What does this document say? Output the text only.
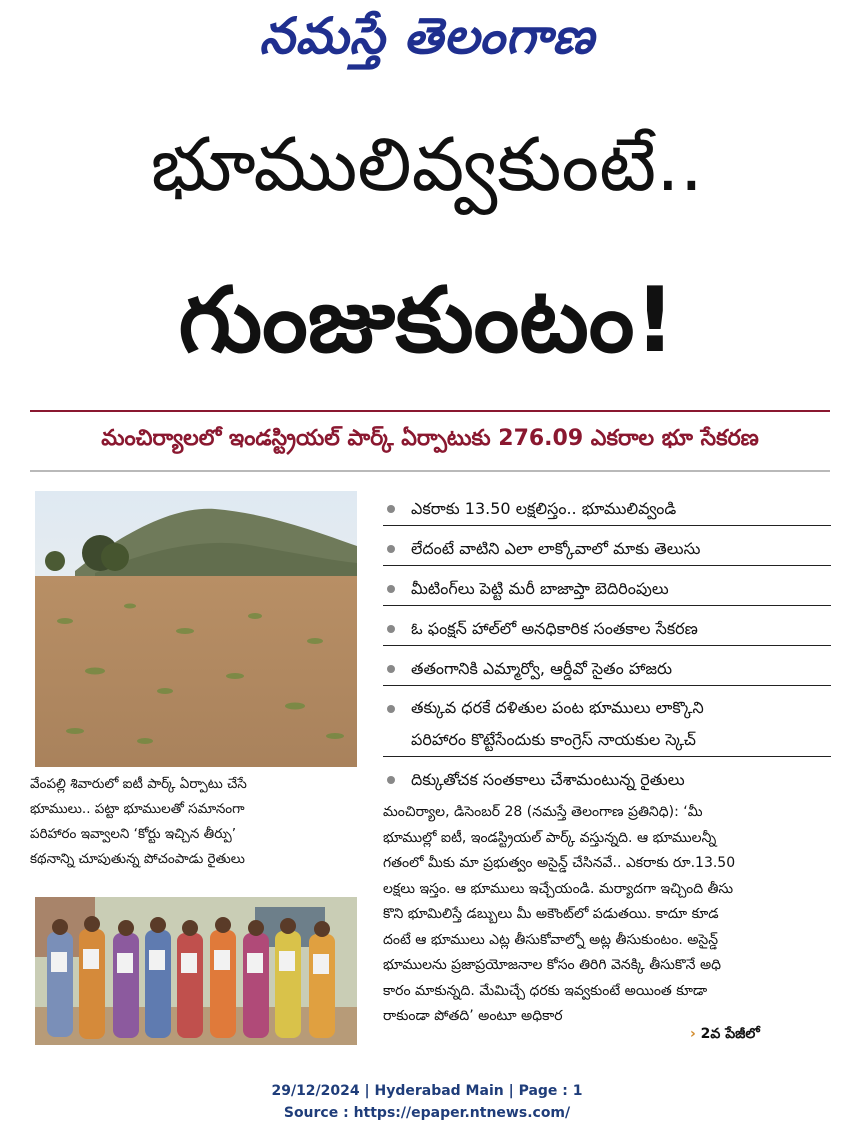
నమస్తే తెలంగాణ
భూములివ్వకుంటే..
గుంజుకుంటం!
మంచిర్యాలలో ఇండస్ట్రియల్ పార్క్ ఏర్పాటుకు 276.09 ఎకరాల భూ సేకరణ
వేంపల్లి శివారులో ఐటీ పార్క్ ఏర్పాటు చేసే
భూములు.. పట్టా భూములతో సమానంగా
పరిహారం ఇవ్వాలని ‘కోర్టు ఇచ్చిన తీర్పు’
కథనాన్ని చూపుతున్న పోచంపాడు రైతులు
ఎకరాకు 13.50 లక్షలిస్తం.. భూములివ్వండి
లేదంటే వాటిని ఎలా లాక్కోవాలో మాకు తెలుసు
మీటింగ్‌లు పెట్టి మరీ బాజాప్తా బెదిరింపులు
ఓ ఫంక్షన్ హాల్‌లో అనధికారిక సంతకాల సేకరణ
తతంగానికి ఎమ్మార్వో, ఆర్డీవో సైతం హాజరు
తక్కువ ధరకే దళితుల పంట భూములు లాక్కొని
పరిహారం కొట్టేసేందుకు కాంగ్రెస్ నాయకుల స్కెచ్
దిక్కుతోచక సంతకాలు చేశామంటున్న రైతులు
మంచిర్యాల, డిసెంబర్ 28 (నమస్తే తెలంగాణ ప్రతినిధి): ‘మీ
భూముల్లో ఐటీ, ఇండస్ట్రియల్ పార్క్ వస్తున్నది. ఆ భూములన్నీ
గతంలో మీకు మా ప్రభుత్వం అసైన్డ్ చేసినవే.. ఎకరాకు రూ.13.50
లక్షలు ఇస్తం. ఆ భూములు ఇచ్చేయండి. మర్యాదగా ఇచ్చింది తీసు
కొని భూమిలిస్తే డబ్బులు మీ అకౌంట్‌లో పడుతయి. కాదూ కూడ
దంటే ఆ భూములు ఎట్ల తీసుకోవాల్నో అట్ల తీసుకుంటం. అసైన్డ్
భూములను ప్రజాప్రయోజనాల కోసం తిరిగి వెనక్కి తీసుకొనే అధి
కారం మాకున్నది. మేమిచ్చే ధరకు ఇవ్వకుంటే అయింత కూడా
రాకుండా పోతది’ అంటూ అధికార
› 2వ పేజీలో
29/12/2024 | Hyderabad Main | Page : 1
Source : https://epaper.ntnews.com/
